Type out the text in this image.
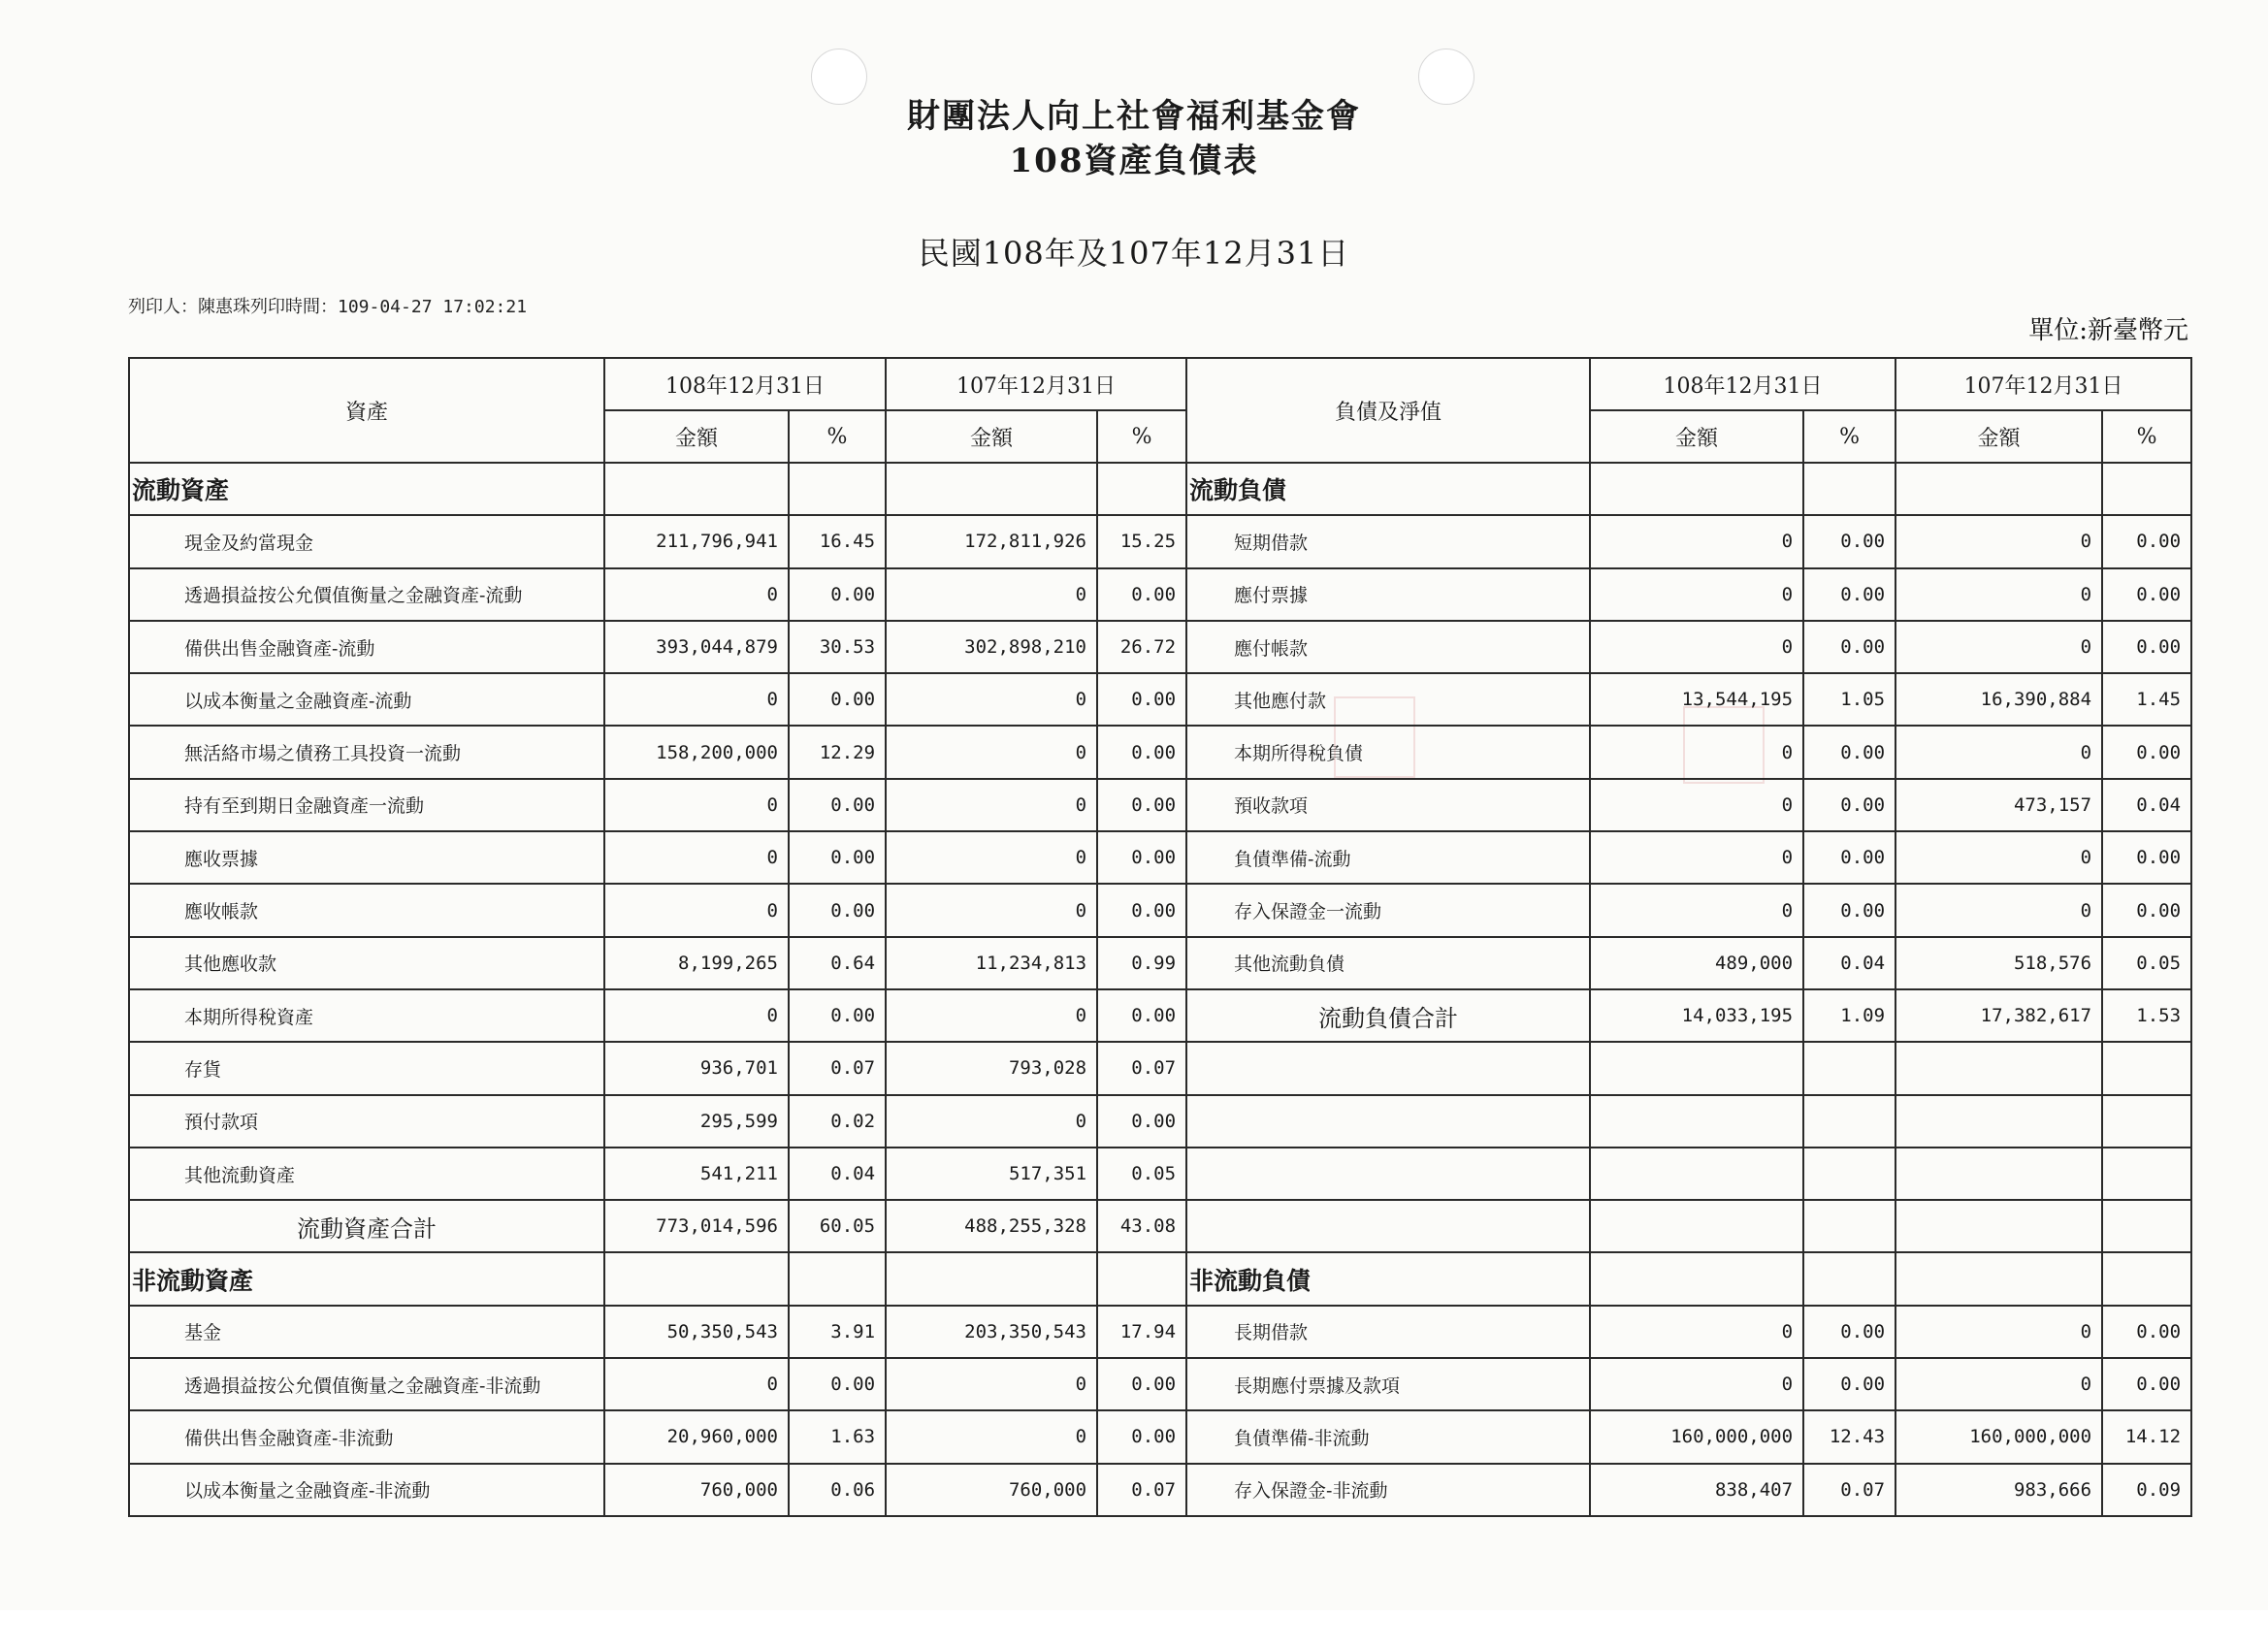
財團法人向上社會福利基金會
108資產負債表
民國108年及107年12月31日
列印人：陳惠珠列印時間：109-04-27 17:02:21
單位:新臺幣元
資產	108年12月31日		107年12月31日		負債及淨值	108年12月31日		107年12月31日	
	金額	%	金額	%		金額	%	金額	%
流動資產					流動負債				
現金及約當現金	211,796,941	16.45	172,811,926	15.25	短期借款	0	0.00	0	0.00
透過損益按公允價值衡量之金融資產-流動	0	0.00	0	0.00	應付票據	0	0.00	0	0.00
備供出售金融資產-流動	393,044,879	30.53	302,898,210	26.72	應付帳款	0	0.00	0	0.00
以成本衡量之金融資產-流動	0	0.00	0	0.00	其他應付款	13,544,195	1.05	16,390,884	1.45
無活絡市場之債務工具投資一流動	158,200,000	12.29	0	0.00	本期所得稅負債	0	0.00	0	0.00
持有至到期日金融資產一流動	0	0.00	0	0.00	預收款項	0	0.00	473,157	0.04
應收票據	0	0.00	0	0.00	負債準備-流動	0	0.00	0	0.00
應收帳款	0	0.00	0	0.00	存入保證金一流動	0	0.00	0	0.00
其他應收款	8,199,265	0.64	11,234,813	0.99	其他流動負債	489,000	0.04	518,576	0.05
本期所得稅資產	0	0.00	0	0.00	流動負債合計	14,033,195	1.09	17,382,617	1.53
存貨	936,701	0.07	793,028	0.07					
預付款項	295,599	0.02	0	0.00					
其他流動資產	541,211	0.04	517,351	0.05					
流動資產合計	773,014,596	60.05	488,255,328	43.08					
非流動資產					非流動負債				
基金	50,350,543	3.91	203,350,543	17.94	長期借款	0	0.00	0	0.00
透過損益按公允價值衡量之金融資產-非流動	0	0.00	0	0.00	長期應付票據及款項	0	0.00	0	0.00
備供出售金融資產-非流動	20,960,000	1.63	0	0.00	負債準備-非流動	160,000,000	12.43	160,000,000	14.12
以成本衡量之金融資產-非流動	760,000	0.06	760,000	0.07	存入保證金-非流動	838,407	0.07	983,666	0.09
